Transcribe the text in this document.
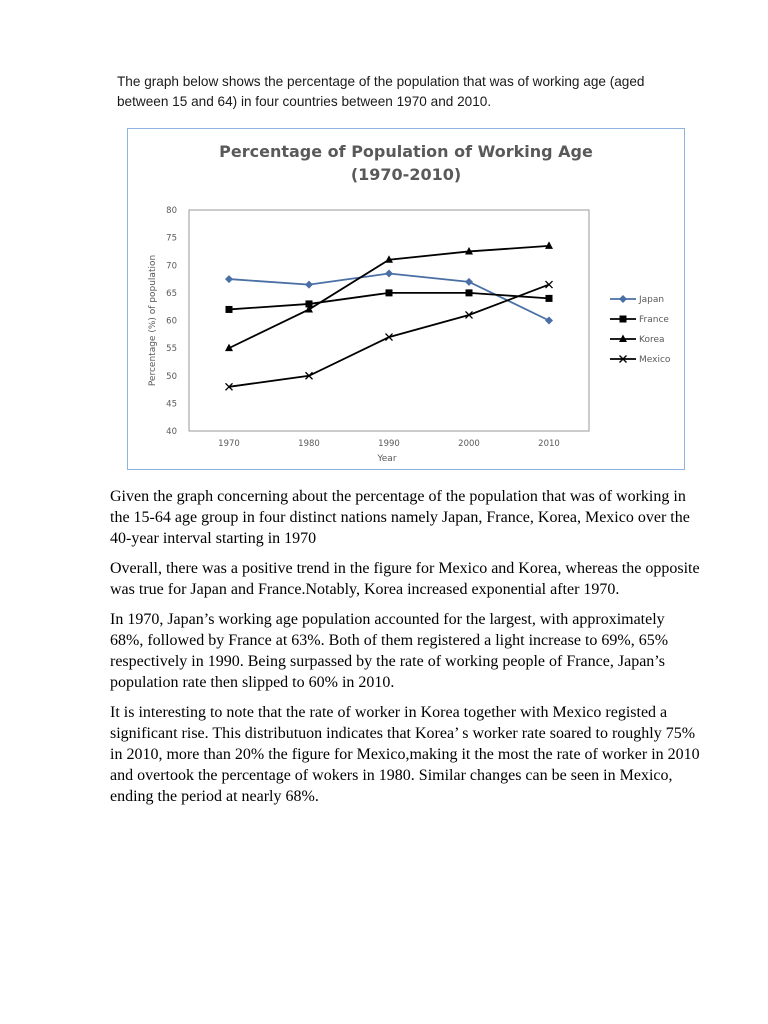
The graph below shows the percentage of the population that was of working age (aged between 15 and 64) in four countries between 1970 and 2010.

Percentage of Population of Working Age
(1970-2010)
40
45
50
55
60
65
70
75
80
1970	1980	1990	2000	2010
Year
Percentage (%) of population	Japan
France
Korea
Mexico

Given the graph concerning about the percentage of the population that was of working in the 15-64 age group in four distinct nations namely Japan, France, Korea, Mexico over the 40-year interval starting in 1970

Overall, there was a positive trend in the figure for Mexico and Korea, whereas the opposite was true for Japan and France.Notably, Korea increased exponential after 1970.

In 1970, Japan’s working age population accounted for the largest, with approximately 68%, followed by France at 63%. Both of them registered a light increase to 69%, 65% respectively in 1990. Being surpassed by the rate of working people of France, Japan’s population rate then slipped to 60% in 2010.

It is interesting to note that the rate of worker in Korea together with Mexico registed a significant rise. This distributuon indicates that Korea’ s worker rate soared to roughly 75% in 2010, more than 20% the figure for Mexico,making it the most the rate of worker in 2010 and overtook the percentage of wokers in 1980. Similar changes can be seen in Mexico, ending the period at nearly 68%.
